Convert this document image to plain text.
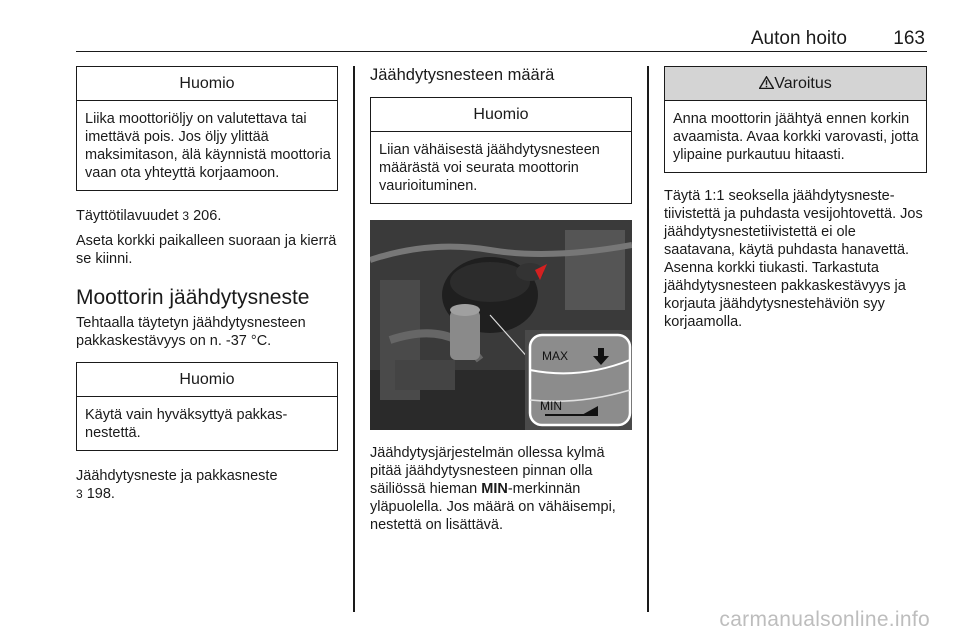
Auton hoito 163
Huomio
Liika moottoriöljy on valutettava tai imettävä pois. Jos öljy ylittää maksimitason, älä käynnistä moottoria vaan ota yhteyttä korjaamoon.

Täyttötilavuudet 3 206.

Aseta korkki paikalleen suoraan ja kierrä se kiinni.

Moottorin jäähdytysneste

Tehtaalla täytetyn jäähdytysnesteen pakkaskestävyys on n. -37 °C.

Huomio
Käytä vain hyväksyttyä pakkasnestettä.

Jäähdytysneste ja pakkasneste
3 198.

Jäähdytysnesteen määrä
Huomio
Liian vähäisestä jäähdytysnesteen määrästä voi seurata moottorin vaurioituminen.
MAX
MIN

Jäähdytysjärjestelmän ollessa kylmä pitää jäähdytysnesteen pinnan olla säiliössä hieman MIN-merkinnän yläpuolella. Jos määrä on vähäisempi, nestettä on lisättävä.

Varoitus
Anna moottorin jäähtyä ennen korkin avaamista. Avaa korkki varovasti, jotta ylipaine purkautuu hitaasti.

Täytä 1:1 seoksella jäähdytysnestetiivistettä ja puhdasta vesijohtovettä. Jos jäähdytysnestetiivistettä ei ole saatavana, käytä puhdasta hanavettä. Asenna korkki tiukasti. Tarkastuta jäähdytysnesteen pakkaskestävyys ja korjauta jäähdytysnestehäviön syy korjaamolla.

carmanualsonline.info
